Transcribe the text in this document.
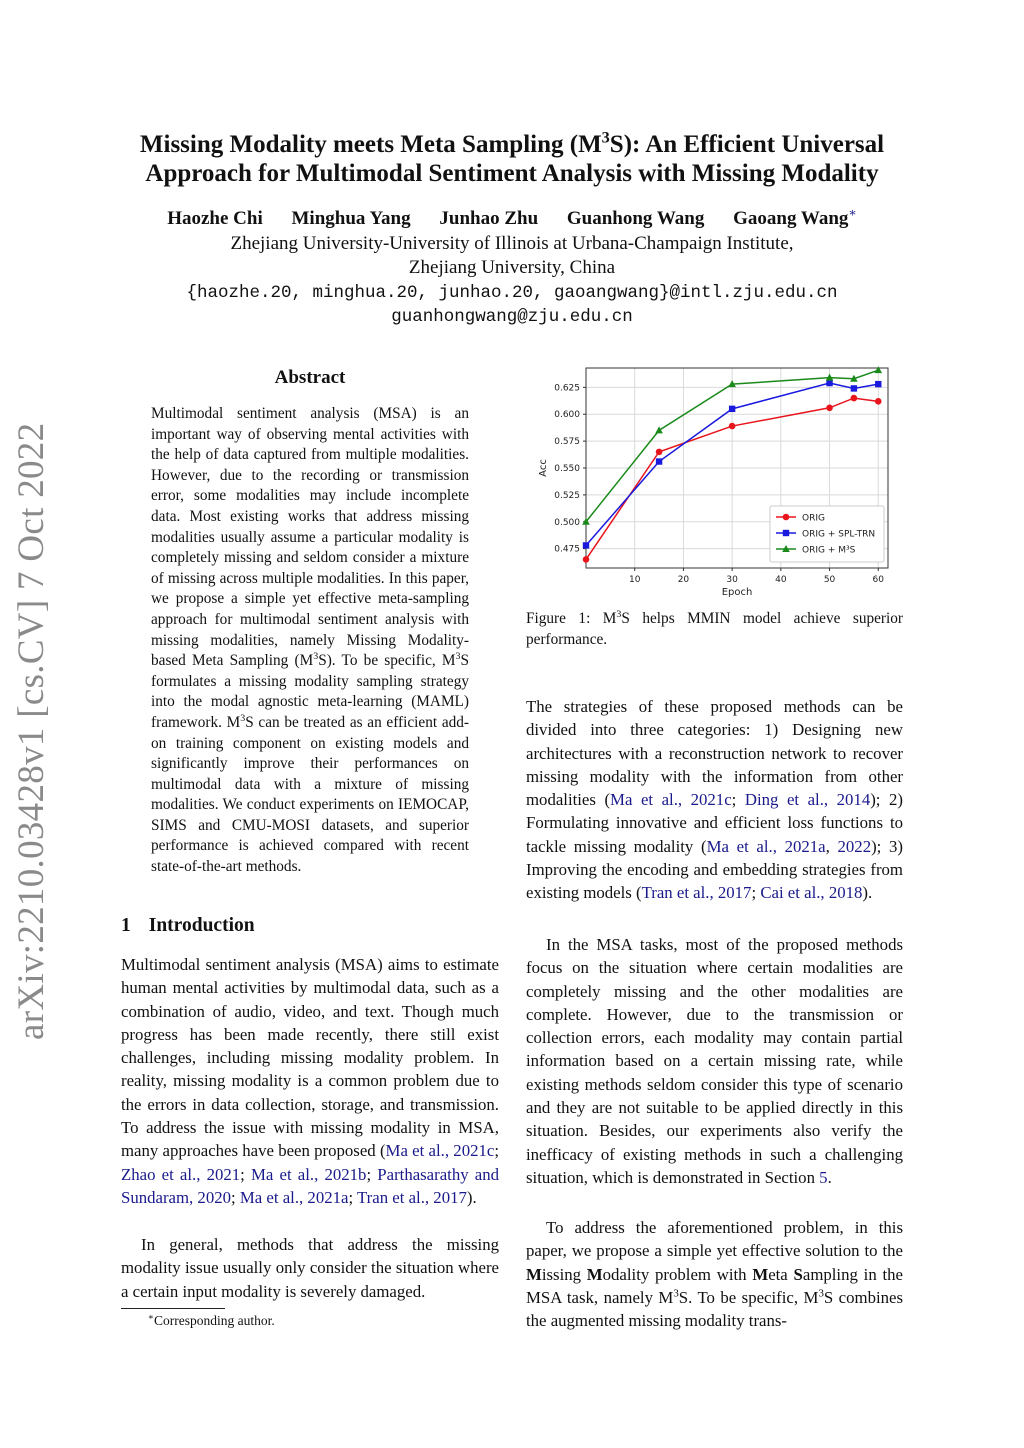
arXiv:2210.03428v1 [cs.CV] 7 Oct 2022
Missing Modality meets Meta Sampling $(M^3S)$: An Efficient Universal
Approach for Multimodal Sentiment Analysis with Missing Modality
Haozhe Chi Minghua Yang Junhao Zhu Guanhong Wang Gaoang Wang∗
Zhejiang University-University of Illinois at Urbana-Champaign Institute,
Zhejiang University, China
{haozhe.20, minghua.20, junhao.20, gaoangwang}@intl.zju.edu.cn
guanhongwang@zju.edu.cn
Abstract
Multimodal sentiment analysis (MSA) is an important way of observing mental activities with the help of data captured from multiple modalities. However, due to the recording or transmission error, some modalities may include incomplete data. Most existing works that address missing modalities usually assume a particular modality is completely missing and seldom consider a mixture of missing across multiple modalities. In this paper, we propose a simple yet effective meta-sampling approach for multimodal sentiment analysis with missing modalities, namely Missing Modality-based Meta Sampling $(M^3S)$. To be specific, $M^3S$ formulates a missing modality sampling strategy into the modal agnostic meta-learning (MAML) framework. $M^3S$ can be treated as an efficient add-on training component on existing models and significantly improve their performances on multimodal data with a mixture of missing modalities. We conduct experiments on IEMOCAP, SIMS and CMU-MOSI datasets, and superior performance is achieved compared with recent state-of-the-art methods.
1 Introduction
Multimodal sentiment analysis (MSA) aims to estimate human mental activities by multimodal data, such as a combination of audio, video, and text. Though much progress has been made recently, there still exist challenges, including missing modality problem. In reality, missing modality is a common problem due to the errors in data collection, storage, and transmission. To address the issue with missing modality in MSA, many approaches have been proposed (Ma et al., 2021c; Zhao et al., 2021; Ma et al., 2021b; Parthasarathy and Sundaram, 2020; Ma et al., 2021a; Tran et al., 2017).
In general, methods that address the missing modality issue usually only consider the situation where a certain input modality is severely damaged.
∗Corresponding author.
10	20	30	40	50	60
0.475
0.500
0.525
0.550
0.575
0.600
0.625
Epoch
Acc
ORIG
ORIG + SPL-TRN
ORIG + M³S
Figure 1: $M^3S$ helps MMIN model achieve superior performance.
The strategies of these proposed methods can be divided into three categories: 1) Designing new architectures with a reconstruction network to recover missing modality with the information from other modalities (Ma et al., 2021c; Ding et al., 2014); 2) Formulating innovative and efficient loss functions to tackle missing modality (Ma et al., 2021a, 2022); 3) Improving the encoding and embedding strategies from existing models (Tran et al., 2017; Cai et al., 2018).
In the MSA tasks, most of the proposed methods focus on the situation where certain modalities are completely missing and the other modalities are complete. However, due to the transmission or collection errors, each modality may contain partial information based on a certain missing rate, while existing methods seldom consider this type of scenario and they are not suitable to be applied directly in this situation. Besides, our experiments also verify the inefficacy of existing methods in such a challenging situation, which is demonstrated in Section 5.
To address the aforementioned problem, in this paper, we propose a simple yet effective solution to the Missing Modality problem with Meta Sampling in the MSA task, namely $M^3S$. To be specific, $M^3S$ combines the augmented missing modality trans-
